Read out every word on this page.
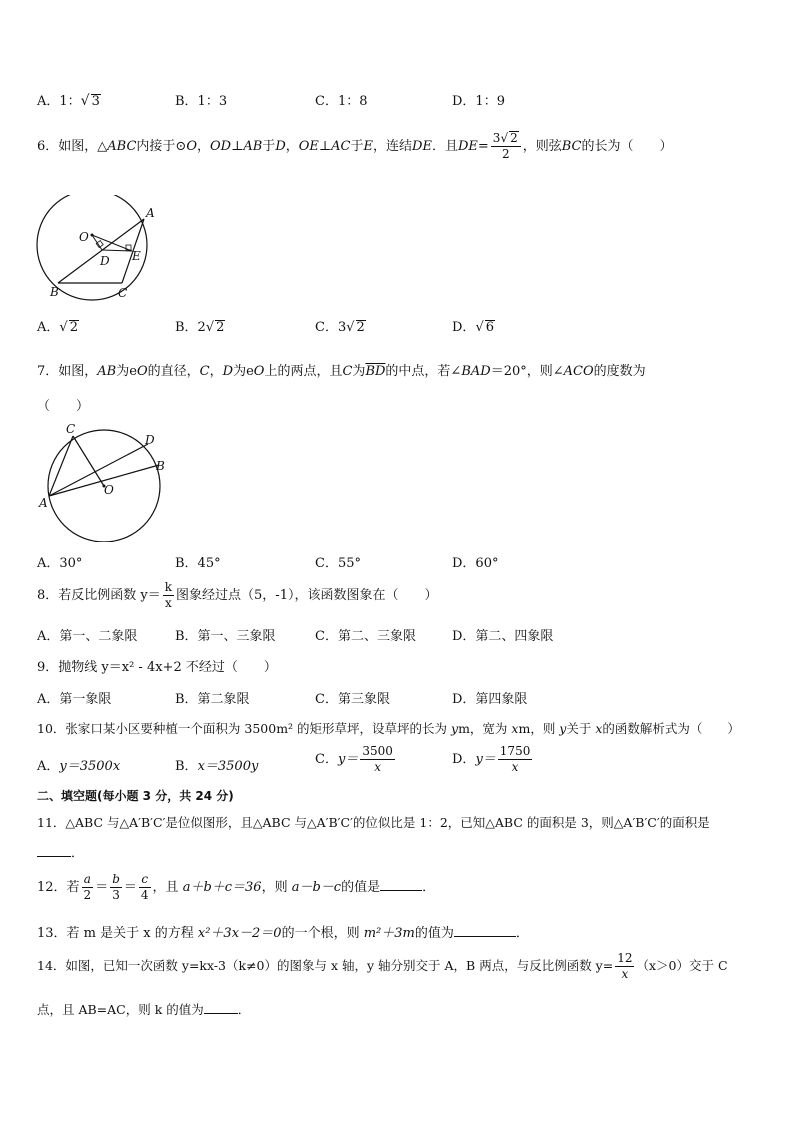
A．1：√ 3	B．1：3	C．1：8	D．1：9
6．如图，△ABC内接于⊙O，OD⊥AB于D，OE⊥AC于E，连结DE．且$DE= \frac{3√ 2}{2}$ ，则弦BC的长为（　　）
A
O
D E
B	C
A．√ 2	B．2√ 2	C．3√ 2	D．√ 6
7．如图，AB为eO的直径，C，D为eO上的两点，且C为$\overline{BD}$的中点，若∠BAD＝20°，则∠ACO的度数为
（　　）
C
D
B
A
O
A．30°	B．45°	C．55°	D．60°
8．若反比例函数 $y= \frac{k}{x}$ 图象经过点（5，-1），该函数图象在（　　）
A．第一、二象限	B．第一、三象限	C．第二、三象限	D．第二、四象限
9．抛物线 y＝x² - 4x+2 不经过（　　）
A．第一象限	B．第二象限	C．第三象限	D．第四象限
10．张家口某小区要种植一个面积为 3500m² 的矩形草坪，设草坪的长为 ym，宽为 xm，则 y关于 x的函数解析式为（　　）
A．y＝3500x	B．x＝3500y	C．$y= \frac{3500}{x}$	D．$y= \frac{1750}{x}$
二、填空题(每小题 3 分，共 24 分)
11．△ABC 与△A′B′C′是位似图形，且△ABC 与△A′B′C′的位似比是 1：2，已知△ABC 的面积是 3，则△A′B′C′的面积是
．
12．若 $\frac{a}{2} = \frac{b}{3} = \frac{c}{4}$ ，且 a＋b＋c＝36，则 a－b－c的值是	．
13．若 m 是关于 x 的方程 x²＋3x－2＝0的一个根，则 m²＋3m的值为	．
14．如图，已知一次函数 y=kx-3（k≠0）的图象与 x 轴，y 轴分别交于 A，B 两点，与反比例函数 $y= \frac{12}{x} (x>0)$交于 C
点，且 AB=AC，则 k 的值为	．
